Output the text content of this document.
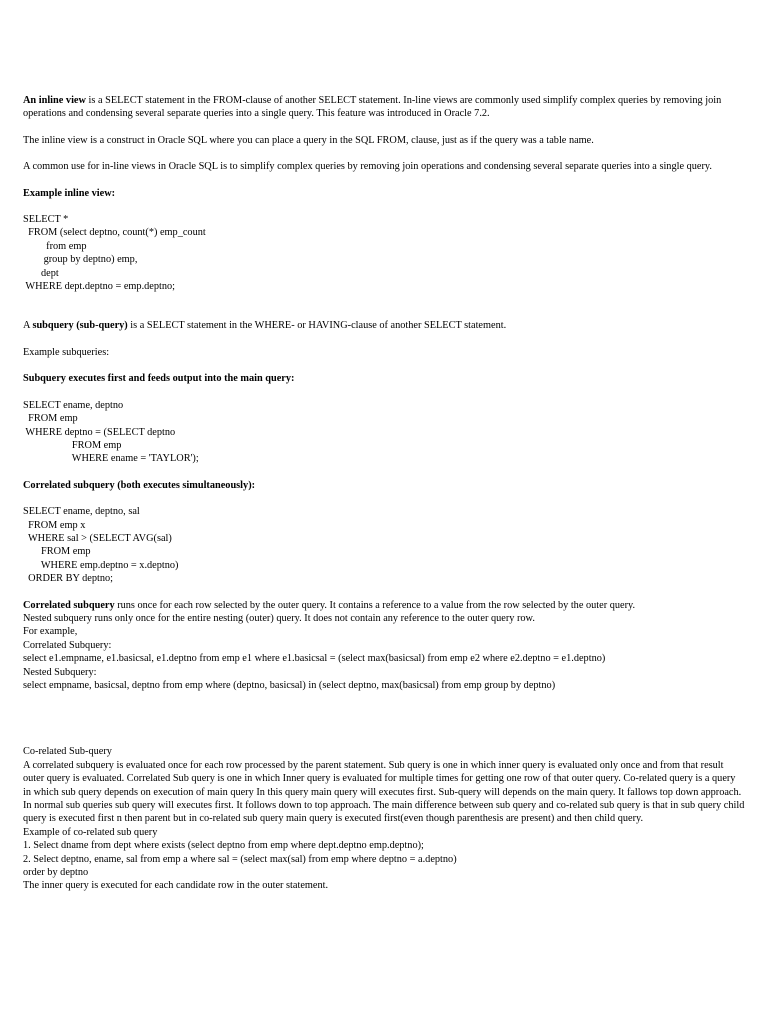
An inline view is a SELECT statement in the FROM-clause of another SELECT statement. In-line views are commonly used simplify complex queries by removing join operations and condensing several separate queries into a single query. This feature was introduced in Oracle 7.2.

The inline view is a construct in Oracle SQL where you can place a query in the SQL FROM, clause, just as if the query was a table name.

A common use for in-line views in Oracle SQL is to simplify complex queries by removing join operations and condensing several separate queries into a single query.

Example inline view:

SELECT *
FROM (select deptno, count(*) emp_count
from emp
group by deptno) emp,
dept
WHERE dept.deptno = emp.deptno;

A subquery (sub-query) is a SELECT statement in the WHERE- or HAVING-clause of another SELECT statement.

Example subqueries:

Subquery executes first and feeds output into the main query:

SELECT ename, deptno
FROM emp
WHERE deptno = (SELECT deptno
FROM emp
WHERE ename = 'TAYLOR');

Correlated subquery (both executes simultaneously):

SELECT ename, deptno, sal
FROM emp x
WHERE sal > (SELECT AVG(sal)
FROM emp
WHERE emp.deptno = x.deptno)
ORDER BY deptno;

Correlated subquery runs once for each row selected by the outer query. It contains a reference to a value from the row selected by the outer query.

Nested subquery runs only once for the entire nesting (outer) query. It does not contain any reference to the outer query row.
For example,
Correlated Subquery:
select e1.empname, e1.basicsal, e1.deptno from emp e1 where e1.basicsal = (select max(basicsal) from emp e2 where e2.deptno = e1.deptno)
Nested Subquery:
select empname, basicsal, deptno from emp where (deptno, basicsal) in (select deptno, max(basicsal) from emp group by deptno)
Co-related Sub-query

A correlated subquery is evaluated once for each row processed by the parent statement. Sub query is one in which inner query is evaluated only once and from that result outer query is evaluated. Correlated Sub query is one in which Inner query is evaluated for multiple times for getting one row of that outer query. Co-related query is a query in which sub query depends on execution of main query In this query main query will executes first. Sub-query will depends on the main query. It fallows top down approach. In normal sub queries sub query will executes first. It follows down to top approach. The main difference between sub query and co-related sub query is that in sub query child query is executed first n then parent but in co-related sub query main query is executed first(even though parenthesis are present) and then child query.

Example of co-related sub query
1. Select dname from dept where exists (select deptno from emp where dept.deptno emp.deptno);
2. Select deptno, ename, sal from emp a where sal = (select max(sal) from emp where deptno = a.deptno)
order by deptno
The inner query is executed for each candidate row in the outer statement.
